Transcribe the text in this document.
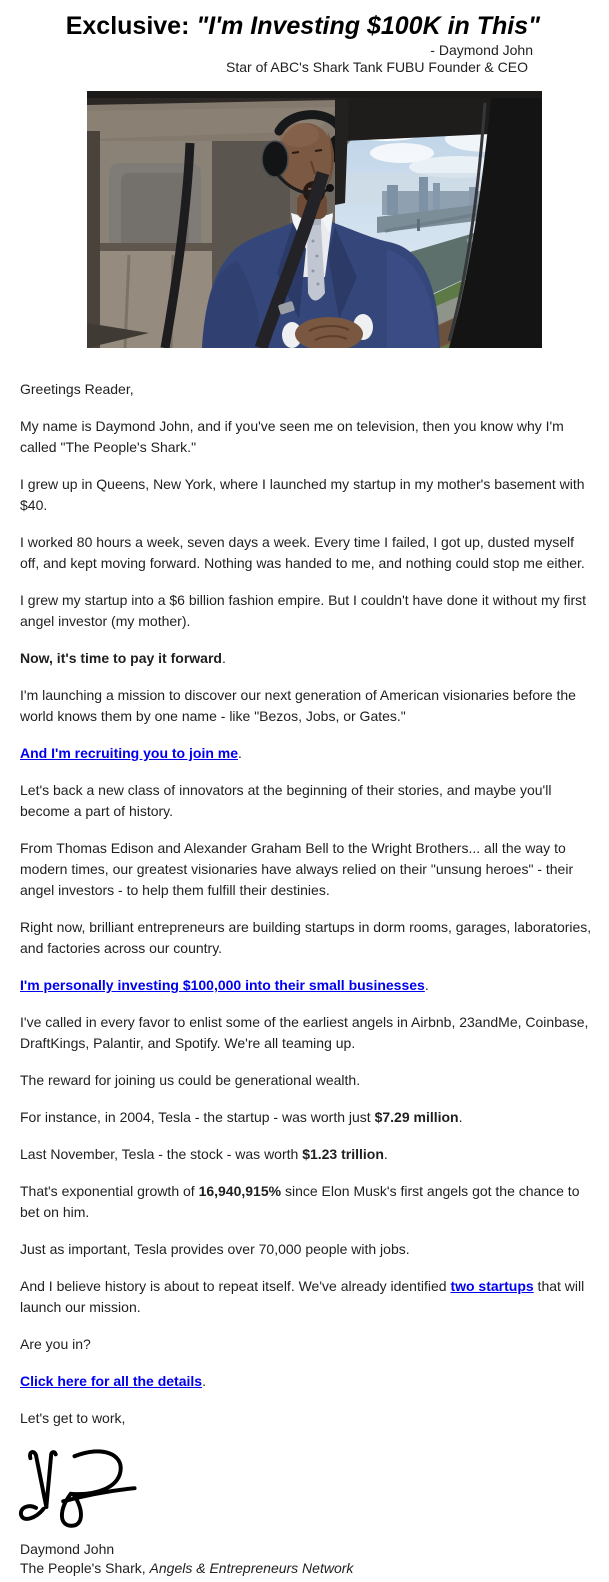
Exclusive: "I'm Investing $100K in This"
- Daymond John
Star of ABC's Shark Tank FUBU Founder & CEO

Greetings Reader,

My name is Daymond John, and if you've seen me on television, then you know why I'm called "The People's Shark."

I grew up in Queens, New York, where I launched my startup in my mother's basement with $40.

I worked 80 hours a week, seven days a week. Every time I failed, I got up, dusted myself off, and kept moving forward. Nothing was handed to me, and nothing could stop me either.

I grew my startup into a $6 billion fashion empire. But I couldn't have done it without my first angel investor (my mother).

Now, it's time to pay it forward.

I'm launching a mission to discover our next generation of American visionaries before the world knows them by one name - like "Bezos, Jobs, or Gates."

And I'm recruiting you to join me.

Let's back a new class of innovators at the beginning of their stories, and maybe you'll become a part of history.

From Thomas Edison and Alexander Graham Bell to the Wright Brothers... all the way to modern times, our greatest visionaries have always relied on their "unsung heroes" - their angel investors - to help them fulfill their destinies.

Right now, brilliant entrepreneurs are building startups in dorm rooms, garages, laboratories, and factories across our country.

I'm personally investing $100,000 into their small businesses.

I've called in every favor to enlist some of the earliest angels in Airbnb, 23andMe, Coinbase, DraftKings, Palantir, and Spotify. We're all teaming up.

The reward for joining us could be generational wealth.

For instance, in 2004, Tesla - the startup - was worth just $7.29 million.

Last November, Tesla - the stock - was worth $1.23 trillion.

That's exponential growth of 16,940,915% since Elon Musk's first angels got the chance to bet on him.

Just as important, Tesla provides over 70,000 people with jobs.

And I believe history is about to repeat itself. We've already identified two startups that will launch our mission.

Are you in?

Click here for all the details.

Let's get to work,

Daymond John
The People's Shark, Angels & Entrepreneurs Network
